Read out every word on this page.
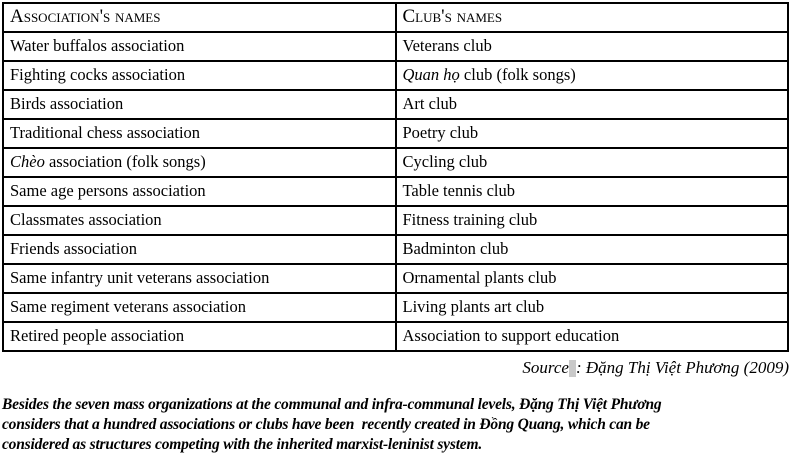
Association's names	Club's names
Water buffalos association	Veterans club
Fighting cocks association	Quan họ club (folk songs)
Birds association	Art club
Traditional chess association	Poetry club
Chèo association (folk songs)	Cycling club
Same age persons association	Table tennis club
Classmates association	Fitness training club
Friends association	Badminton club
Same infantry unit veterans association	Ornamental plants club
Same regiment veterans association	Living plants art club
Retired people association	Association to support education
Source : Đặng Thị Việt Phương (2009)
Besides the seven mass organizations at the communal and infra-communal levels, Đặng Thị Việt Phương
considers that a hundred associations or clubs have been  recently created in Đồng Quang, which can be
considered as structures competing with the inherited marxist-leninist system.
